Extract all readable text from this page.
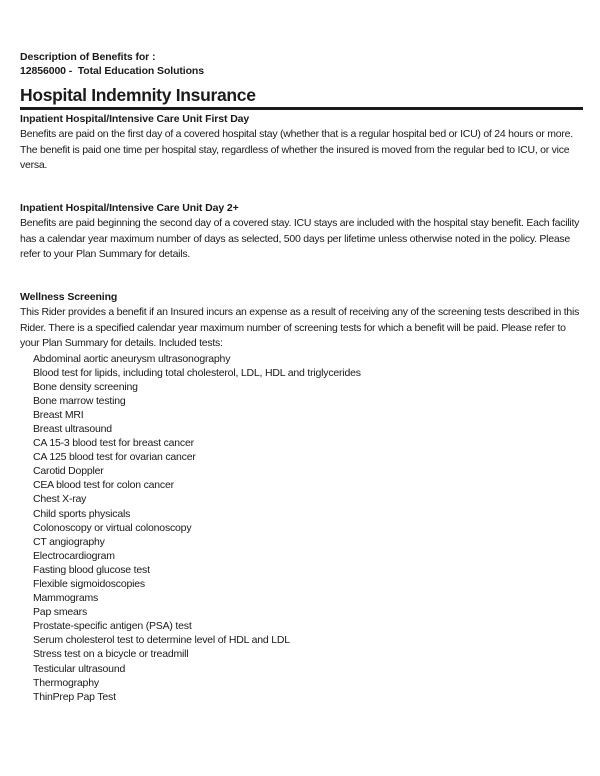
Description of Benefits for :
12856000 -  Total Education Solutions
Hospital Indemnity Insurance
Inpatient Hospital/Intensive Care Unit First Day

Benefits are paid on the first day of a covered hospital stay (whether that is a regular hospital bed or ICU) of 24 hours or more. The benefit is paid one time per hospital stay, regardless of whether the insured is moved from the regular bed to ICU, or vice versa.

Inpatient Hospital/Intensive Care Unit Day 2+

Benefits are paid beginning the second day of a covered stay. ICU stays are included with the hospital stay benefit. Each facility has a calendar year maximum number of days as selected, 500 days per lifetime unless otherwise noted in the policy. Please refer to your Plan Summary for details.

Wellness Screening

This Rider provides a benefit if an Insured incurs an expense as a result of receiving any of the screening tests described in this Rider. There is a specified calendar year maximum number of screening tests for which a benefit will be paid. Please refer to your Plan Summary for details. Included tests:

Abdominal aortic aneurysm ultrasonography
Blood test for lipids, including total cholesterol, LDL, HDL and triglycerides
Bone density screening
Bone marrow testing
Breast MRI
Breast ultrasound
CA 15-3 blood test for breast cancer
CA 125 blood test for ovarian cancer
Carotid Doppler
CEA blood test for colon cancer
Chest X-ray
Child sports physicals
Colonoscopy or virtual colonoscopy
CT angiography
Electrocardiogram
Fasting blood glucose test
Flexible sigmoidoscopies
Mammograms
Pap smears
Prostate-specific antigen (PSA) test
Serum cholesterol test to determine level of HDL and LDL
Stress test on a bicycle or treadmill
Testicular ultrasound
Thermography
ThinPrep Pap Test
